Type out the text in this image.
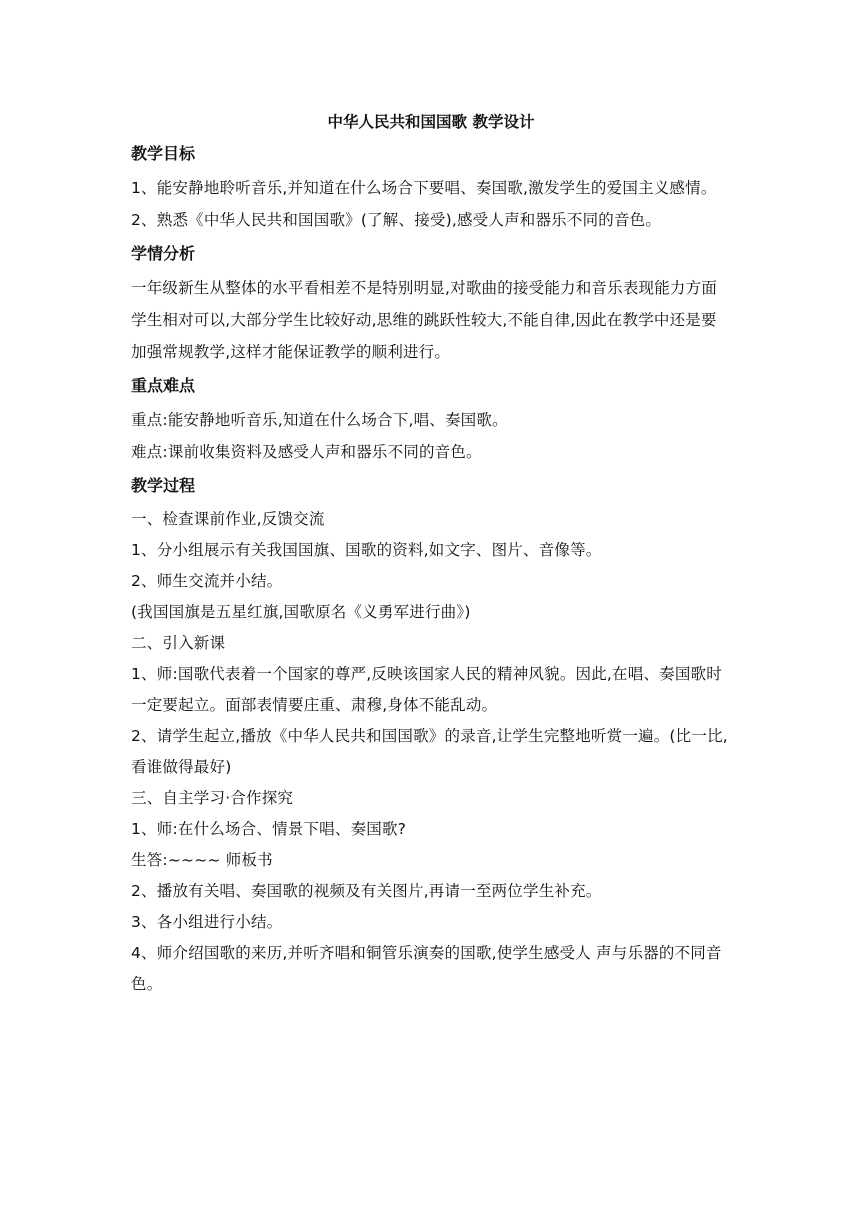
中华人民共和国国歌 教学设计
教学目标

1、能安静地聆听音乐,并知道在什么场合下要唱、奏国歌,激发学生的爱国主义感情。

2、熟悉《中华人民共和国国歌》(了解、接受),感受人声和器乐不同的音色。

学情分析

一年级新生从整体的水平看相差不是特别明显,对歌曲的接受能力和音乐表现能力方面学生相对可以,大部分学生比较好动,思维的跳跃性较大,不能自律,因此在教学中还是要加强常规教学,这样才能保证教学的顺利进行。

重点难点

重点:能安静地听音乐,知道在什么场合下,唱、奏国歌。

难点:课前收集资料及感受人声和器乐不同的音色。

教学过程

一、检查课前作业,反馈交流

1、分小组展示有关我国国旗、国歌的资料,如文字、图片、音像等。

2、师生交流并小结。

(我国国旗是五星红旗,国歌原名《义勇军进行曲》)

二、引入新课

1、师:国歌代表着一个国家的尊严,反映该国家人民的精神风貌。因此,在唱、奏国歌时一定要起立。面部表情要庄重、肃穆,身体不能乱动。

2、请学生起立,播放《中华人民共和国国歌》的录音,让学生完整地听赏一遍。(比一比,看谁做得最好)

三、自主学习·合作探究

1、师:在什么场合、情景下唱、奏国歌?

生答:~~~~ 师板书

2、播放有关唱、奏国歌的视频及有关图片,再请一至两位学生补充。

3、各小组进行小结。

4、师介绍国歌的来历,并听齐唱和铜管乐演奏的国歌,使学生感受人 声与乐器的不同音色。
